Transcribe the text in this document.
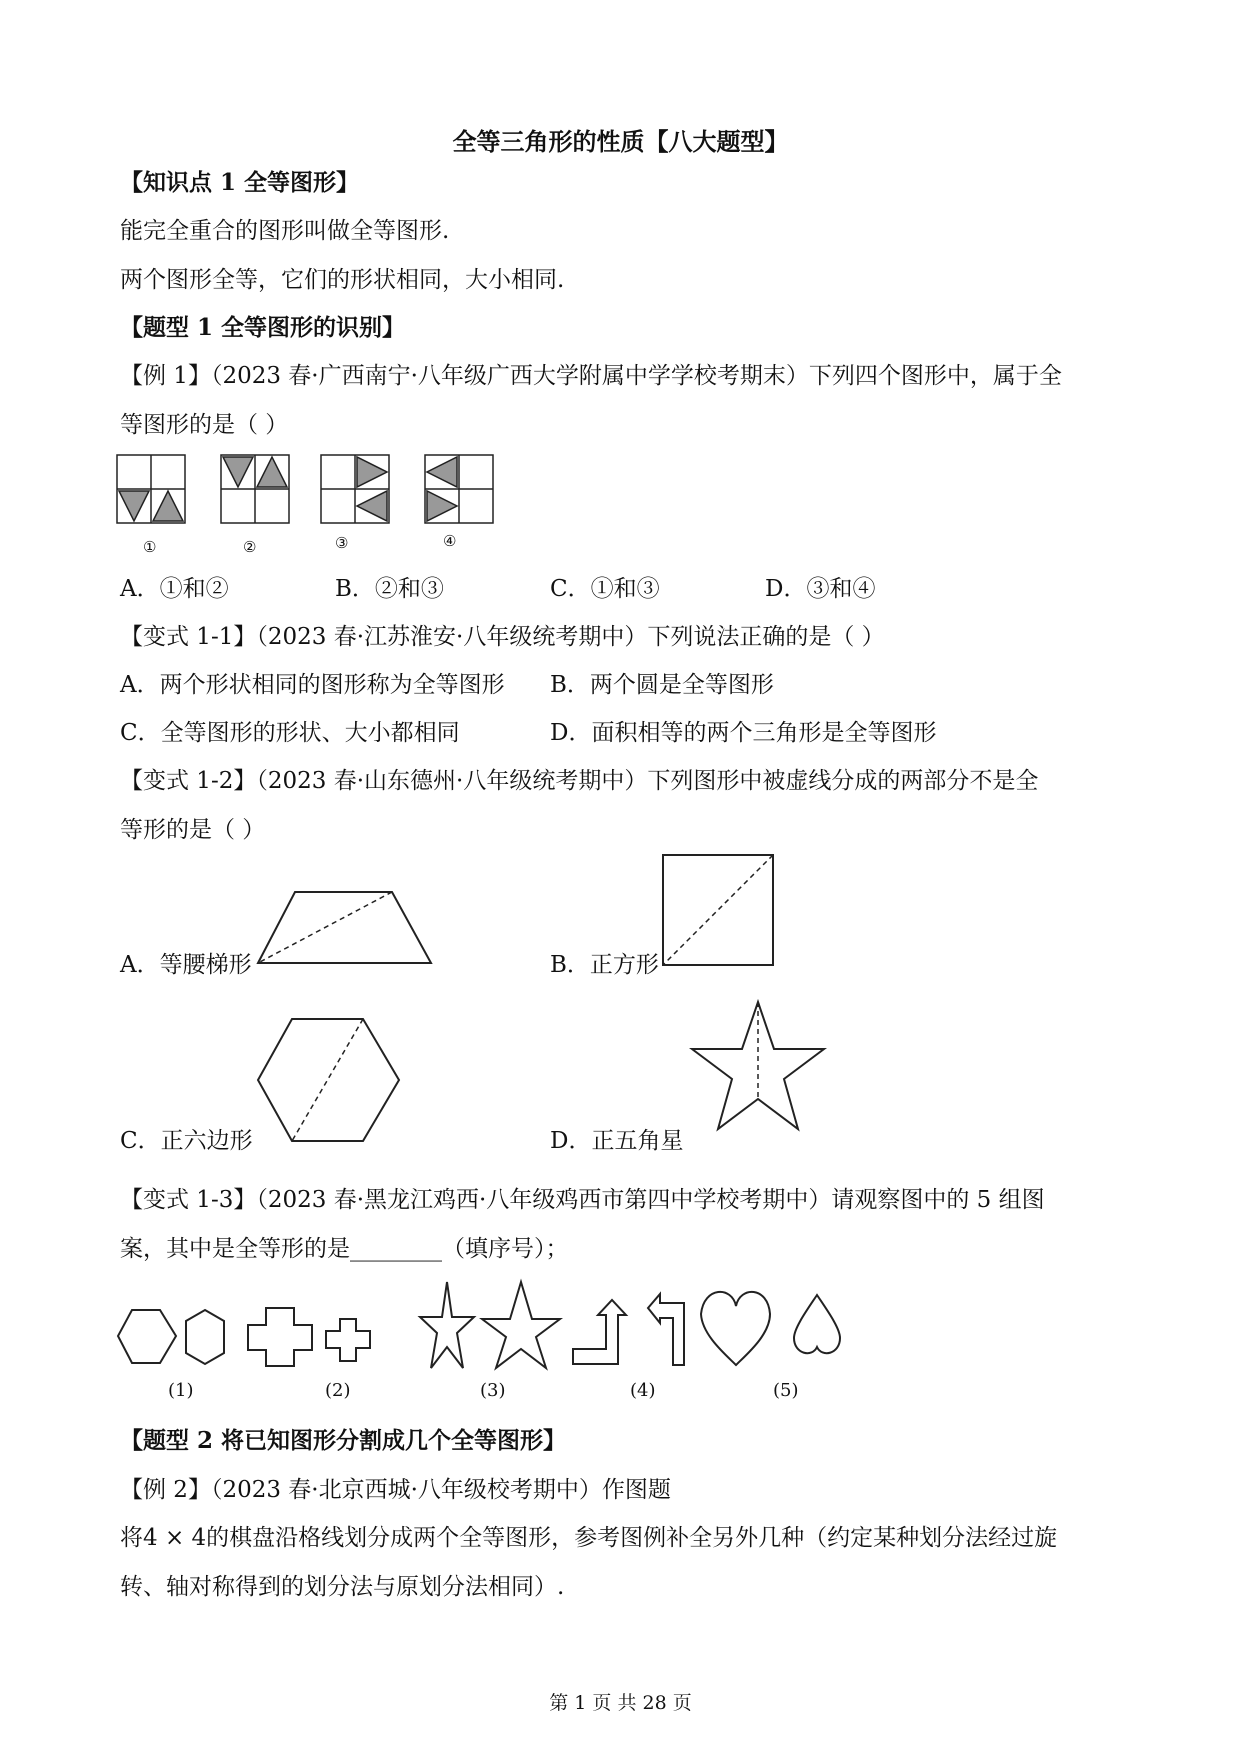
全等三角形的性质【八大题型】
【知识点 1 全等图形】
能完全重合的图形叫做全等图形.
两个图形全等，它们的形状相同，大小相同.
【题型 1 全等图形的识别】
【例 1】（2023 春·广西南宁·八年级广西大学附属中学学校考期末）下列四个图形中，属于全
等图形的是（ ）
①	②	③	④
A．①和②	B．②和③	C．①和③	D．③和④
【变式 1-1】（2023 春·江苏淮安·八年级统考期中）下列说法正确的是（ ）
A．两个形状相同的图形称为全等图形 B．两个圆是全等图形
C．全等图形的形状、大小都相同	D．面积相等的两个三角形是全等图形
【变式 1-2】（2023 春·山东德州·八年级统考期中）下列图形中被虚线分成的两部分不是全
等形的是（ ）
A．等腰梯形	B．正方形
C．正六边形	D．正五角星
【变式 1-3】（2023 春·黑龙江鸡西·八年级鸡西市第四中学校考期中）请观察图中的 5 组图
案，其中是全等形的是________（填序号）；
(1)	(2)	(3)	(4)	(5)
【题型 2 将已知图形分割成几个全等图形】
【例 2】（2023 春·北京西城·八年级校考期中）作图题
将4 × 4的棋盘沿格线划分成两个全等图形，参考图例补全另外几种（约定某种划分法经过旋
转、轴对称得到的划分法与原划分法相同）.
第 1 页 共 28 页
